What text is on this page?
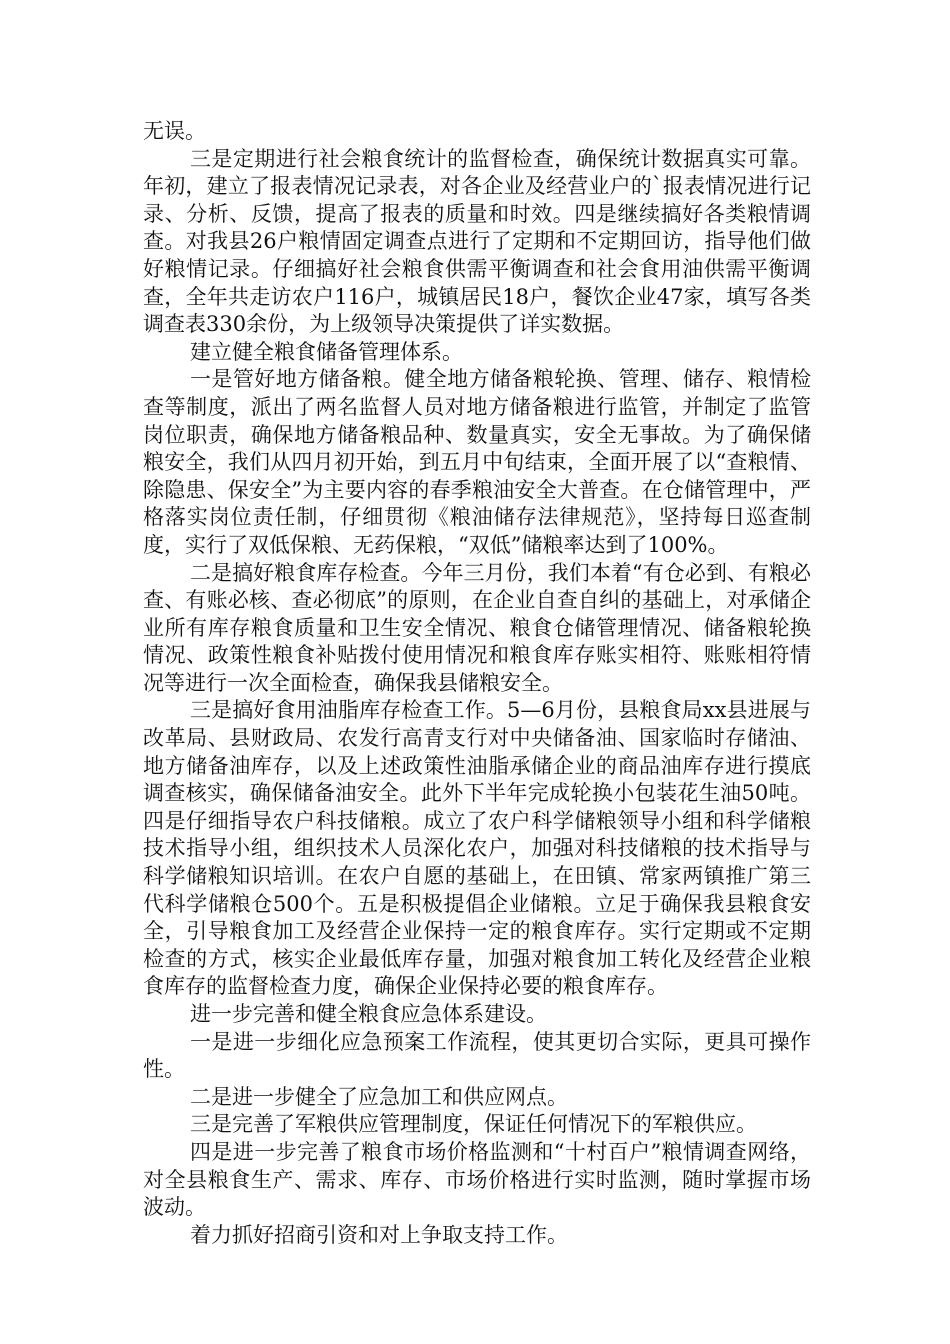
无误。

三是定期进行社会粮食统计的监督检查，确保统计数据真实可靠。年初，建立了报表情况记录表，对各企业及经营业户的`报表情况进行记录、分析、反馈，提高了报表的质量和时效。四是继续搞好各类粮情调查。对我县26户粮情固定调查点进行了定期和不定期回访，指导他们做好粮情记录。仔细搞好社会粮食供需平衡调查和社会食用油供需平衡调查，全年共走访农户116户，城镇居民18户，餐饮企业47家，填写各类调查表330余份，为上级领导决策提供了详实数据。

建立健全粮食储备管理体系。

一是管好地方储备粮。健全地方储备粮轮换、管理、储存、粮情检查等制度，派出了两名监督人员对地方储备粮进行监管，并制定了监管岗位职责，确保地方储备粮品种、数量真实，安全无事故。为了确保储粮安全，我们从四月初开始，到五月中旬结束，全面开展了以“查粮情、除隐患、保安全”为主要内容的春季粮油安全大普查。在仓储管理中，严格落实岗位责任制，仔细贯彻《粮油储存法律规范》，坚持每日巡查制度，实行了双低保粮、无药保粮，“双低”储粮率达到了100%。

二是搞好粮食库存检查。今年三月份，我们本着“有仓必到、有粮必查、有账必核、查必彻底”的原则，在企业自查自纠的基础上，对承储企业所有库存粮食质量和卫生安全情况、粮食仓储管理情况、储备粮轮换情况、政策性粮食补贴拨付使用情况和粮食库存账实相符、账账相符情况等进行一次全面检查，确保我县储粮安全。

三是搞好食用油脂库存检查工作。5—6月份，县粮食局xx县进展与改革局、县财政局、农发行高青支行对中央储备油、国家临时存储油、地方储备油库存，以及上述政策性油脂承储企业的商品油库存进行摸底调查核实，确保储备油安全。此外下半年完成轮换小包装花生油50吨。四是仔细指导农户科技储粮。成立了农户科学储粮领导小组和科学储粮技术指导小组，组织技术人员深化农户，加强对科技储粮的技术指导与科学储粮知识培训。在农户自愿的基础上，在田镇、常家两镇推广第三代科学储粮仓500个。五是积极提倡企业储粮。立足于确保我县粮食安全，引导粮食加工及经营企业保持一定的粮食库存。实行定期或不定期检查的方式，核实企业最低库存量，加强对粮食加工转化及经营企业粮食库存的监督检查力度，确保企业保持必要的粮食库存。

进一步完善和健全粮食应急体系建设。

一是进一步细化应急预案工作流程，使其更切合实际，更具可操作性。

二是进一步健全了应急加工和供应网点。

三是完善了军粮供应管理制度，保证任何情况下的军粮供应。

四是进一步完善了粮食市场价格监测和“十村百户”粮情调查网络，对全县粮食生产、需求、库存、市场价格进行实时监测，随时掌握市场波动。

着力抓好招商引资和对上争取支持工作。
